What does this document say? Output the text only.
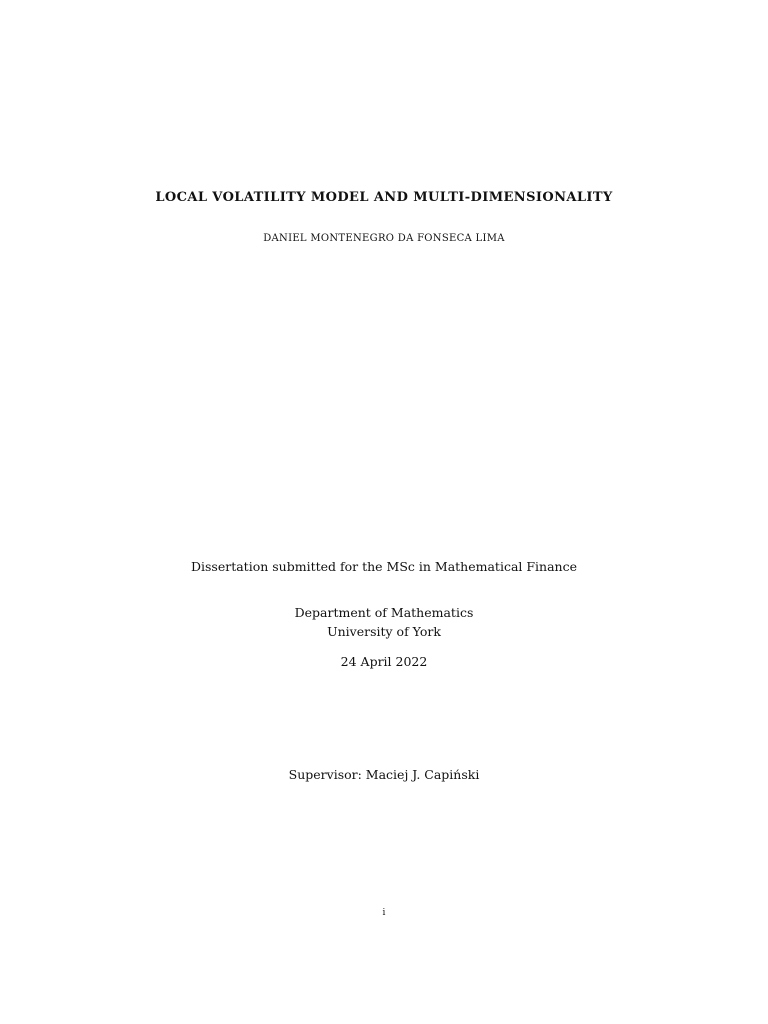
LOCAL VOLATILITY MODEL AND MULTI-DIMENSIONALITY
DANIEL MONTENEGRO DA FONSECA LIMA
Dissertation submitted for the MSc in Mathematical Finance
Department of Mathematics
University of York
24 April 2022
Supervisor: Maciej J. Capiński
i
